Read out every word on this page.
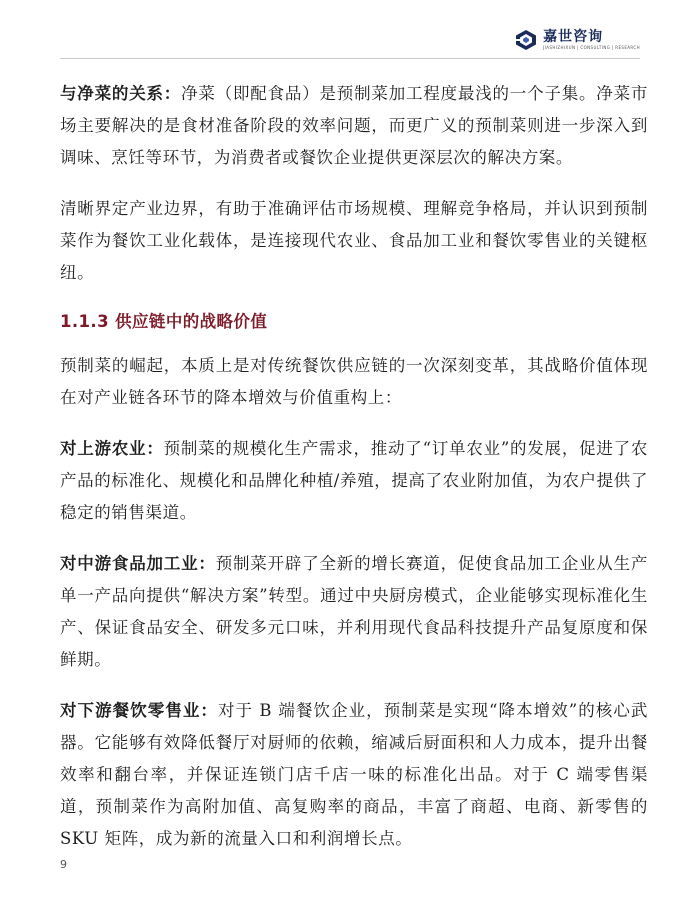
嘉世咨询
JIASHIZHIXUN | CONSULTING | RESEARCH

与净菜的关系：净菜（即配食品）是预制菜加工程度最浅的一个子集。净菜市场主要解决的是食材准备阶段的效率问题，而更广义的预制菜则进一步深入到调味、烹饪等环节，为消费者或餐饮企业提供更深层次的解决方案。

清晰界定产业边界，有助于准确评估市场规模、理解竞争格局，并认识到预制菜作为餐饮工业化载体，是连接现代农业、食品加工业和餐饮零售业的关键枢纽。

1.1.3 供应链中的战略价值

预制菜的崛起，本质上是对传统餐饮供应链的一次深刻变革，其战略价值体现在对产业链各环节的降本增效与价值重构上：

对上游农业：预制菜的规模化生产需求，推动了“订单农业”的发展，促进了农产品的标准化、规模化和品牌化种植/养殖，提高了农业附加值，为农户提供了稳定的销售渠道。

对中游食品加工业：预制菜开辟了全新的增长赛道，促使食品加工企业从生产单一产品向提供“解决方案”转型。通过中央厨房模式，企业能够实现标准化生产、保证食品安全、研发多元口味，并利用现代食品科技提升产品复原度和保鲜期。

对下游餐饮零售业：对于 B 端餐饮企业，预制菜是实现“降本增效”的核心武器。它能够有效降低餐厅对厨师的依赖，缩减后厨面积和人力成本，提升出餐效率和翻台率，并保证连锁门店千店一味的标准化出品。对于 C 端零售渠道，预制菜作为高附加值、高复购率的商品，丰富了商超、电商、新零售的 SKU 矩阵，成为新的流量入口和利润增长点。

9
